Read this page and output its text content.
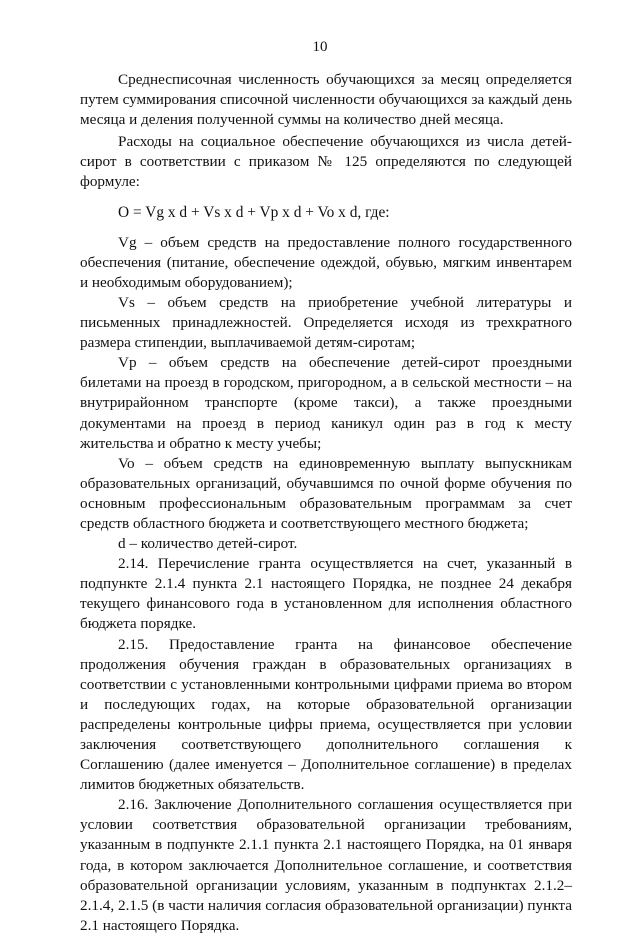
10

Среднесписочная численность обучающихся за месяц определяется путем суммирования списочной численности обучающихся за каждый день месяца и деления полученной суммы на количество дней месяца.

Расходы на социальное обеспечение обучающихся из числа детей-сирот в соответствии с приказом № 125 определяются по следующей формуле:

O = Vg x d + Vs x d + Vp x d + Vo x d, где:

Vg – объем средств на предоставление полного государственного обеспечения (питание, обеспечение одеждой, обувью, мягким инвентарем и необходимым оборудованием);

Vs – объем средств на приобретение учебной литературы и письменных принадлежностей. Определяется исходя из трехкратного размера стипендии, выплачиваемой детям-сиротам;

Vp – объем средств на обеспечение детей-сирот проездными билетами на проезд в городском, пригородном, а в сельской местности – на внутрирайонном транспорте (кроме такси), а также проездными документами на проезд в период каникул один раз в год к месту жительства и обратно к месту учебы;

Vo – объем средств на единовременную выплату выпускникам образовательных организаций, обучавшимся по очной форме обучения по основным профессиональным образовательным программам за счет средств областного бюджета и соответствующего местного бюджета;

d – количество детей-сирот.

2.14. Перечисление гранта осуществляется на счет, указанный в подпункте 2.1.4 пункта 2.1 настоящего Порядка, не позднее 24 декабря текущего финансового года в установленном для исполнения областного бюджета порядке.

2.15. Предоставление гранта на финансовое обеспечение продолжения обучения граждан в образовательных организациях в соответствии с установленными контрольными цифрами приема во втором и последующих годах, на которые образовательной организации распределены контрольные цифры приема, осуществляется при условии заключения соответствующего дополнительного соглашения к Соглашению (далее именуется – Дополнительное соглашение) в пределах лимитов бюджетных обязательств.

2.16. Заключение Дополнительного соглашения осуществляется при условии соответствия образовательной организации требованиям, указанным в подпункте 2.1.1 пункта 2.1 настоящего Порядка, на 01 января года, в котором заключается Дополнительное соглашение, и соответствия образовательной организации условиям, указанным в подпунктах 2.1.2–2.1.4, 2.1.5 (в части наличия согласия образовательной организации) пункта 2.1 настоящего Порядка.
